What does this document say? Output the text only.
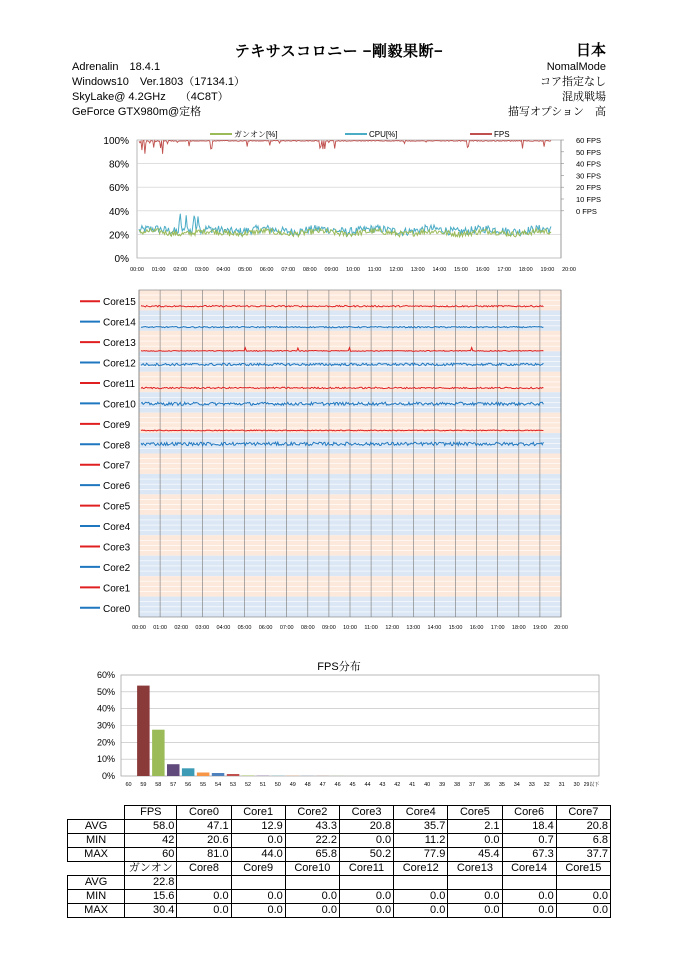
テキサスコロニー −剛毅果断−	日本
Adrenalin　18.4.1
Windows10　Ver.1803（17134.1）
SkyLake@ 4.2GHz　 （4C8T）
GeForce GTX980m@定格
NomalMode
コア指定なし
混成戦場
描写オプション　高
100%
80%
60%
40%
20%
0%
60 FPS
50 FPS
40 FPS
30 FPS
20 FPS
10 FPS
0 FPS
00:00 01:00 02:00 03:00 04:00 05:00 06:00 07:00 08:00 09:00 10:00 11:00 12:00 13:00 14:00 15:00 16:00 17:00 18:00 19:00 20:00
ガンオン[%]	CPU[%]	FPS
Core15
Core14
Core13
Core12
Core11
Core10
Core9
Core8
Core7
Core6
Core5
Core4
Core3
Core2
Core1
Core0
00:00 01:00 02:00 03:00 04:00 05:00 06:00 07:00 08:00 09:00 10:00 11:00 12:00 13:00 14:00 15:00 16:00 17:00 18:00 19:00 20:00
FPS分布
60%
50%
40%
30%
20%
10%
0%
60 59 58 57 56 55 54 53 52 51 50 49 48 47 46 45 44 43 42 41 40 39 38 37 36 35 34 33 32 31 30 29以下
	FPS	Core0	Core1	Core2	Core3	Core4	Core5	Core6	Core7
AVG	58.0	47.1	12.9	43.3	20.8	35.7	2.1	18.4	20.8
MIN	42	20.6	0.0	22.2	0.0	11.2	0.0	0.7	6.8
MAX	60	81.0	44.0	65.8	50.2	77.9	45.4	67.3	37.7
	ガンオン	Core8	Core9	Core10	Core11	Core12	Core13	Core14	Core15
AVG	22.8								
MIN	15.6	0.0	0.0	0.0	0.0	0.0	0.0	0.0	0.0
MAX	30.4	0.0	0.0	0.0	0.0	0.0	0.0	0.0	0.0
